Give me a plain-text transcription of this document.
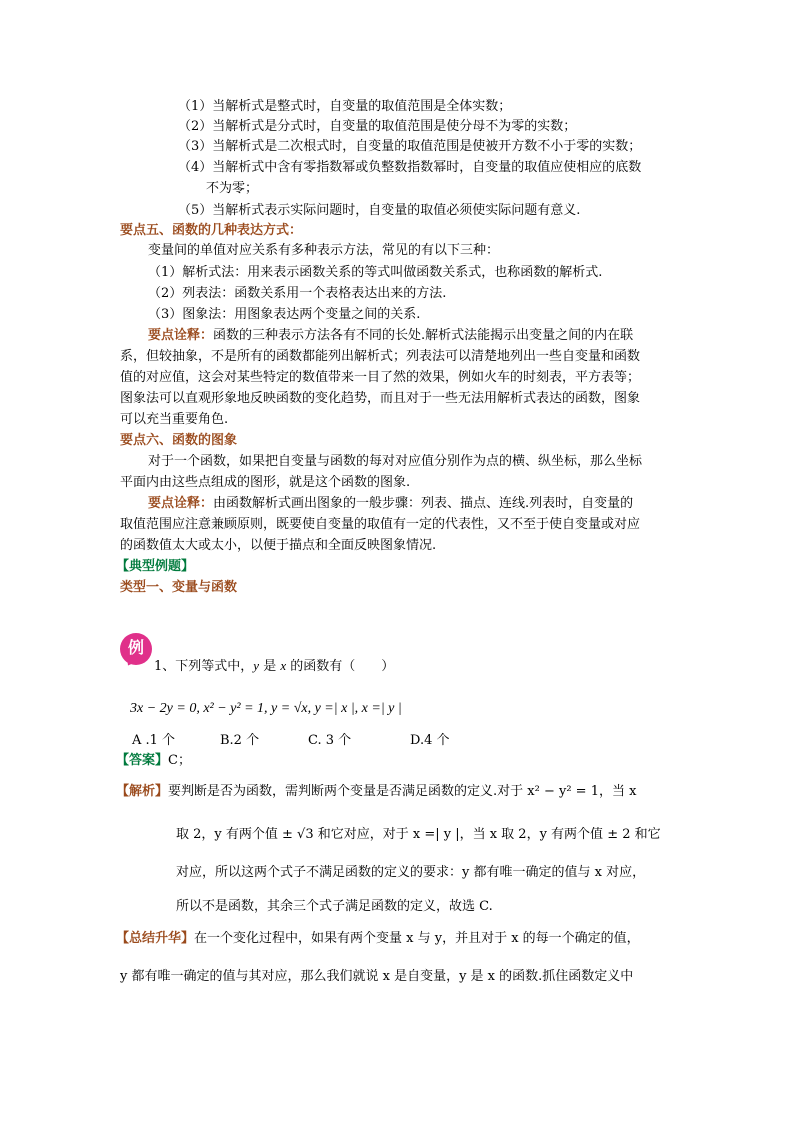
（1）当解析式是整式时，自变量的取值范围是全体实数；
（2）当解析式是分式时，自变量的取值范围是使分母不为零的实数；
（3）当解析式是二次根式时，自变量的取值范围是使被开方数不小于零的实数；
（4）当解析式中含有零指数幂或负整数指数幂时，自变量的取值应使相应的底数
不为零；
（5）当解析式表示实际问题时，自变量的取值必须使实际问题有意义.
要点五、函数的几种表达方式：
变量间的单值对应关系有多种表示方法，常见的有以下三种：
（1）解析式法：用来表示函数关系的等式叫做函数关系式，也称函数的解析式.
（2）列表法：函数关系用一个表格表达出来的方法.
（3）图象法：用图象表达两个变量之间的关系.
要点诠释：函数的三种表示方法各有不同的长处.解析式法能揭示出变量之间的内在联
系，但较抽象，不是所有的函数都能列出解析式；列表法可以清楚地列出一些自变量和函数
值的对应值，这会对某些特定的数值带来一目了然的效果，例如火车的时刻表，平方表等；
图象法可以直观形象地反映函数的变化趋势，而且对于一些无法用解析式表达的函数，图象
可以充当重要角色.
要点六、函数的图象
对于一个函数，如果把自变量与函数的每对对应值分别作为点的横、纵坐标，那么坐标
平面内由这些点组成的图形，就是这个函数的图象.
要点诠释：由函数解析式画出图象的一般步骤：列表、描点、连线.列表时，自变量的
取值范围应注意兼顾原则，既要使自变量的取值有一定的代表性，又不至于使自变量或对应
的函数值太大或太小，以便于描点和全面反映图象情况.
【典型例题】
类型一、变量与函数
例
1、下列等式中，y 是 x 的函数有（　　）
3x − 2y = 0, x² − y² = 1, y = √x, y =| x |, x =| y |
A .1 个	B.2 个	C. 3 个	D.4 个
【答案】C；
【解析】要判断是否为函数，需判断两个变量是否满足函数的定义.对于 x² − y² = 1，当 x
取 2，y 有两个值 ± √3 和它对应，对于 x =| y |，当 x 取 2，y 有两个值 ± 2 和它
对应，所以这两个式子不满足函数的定义的要求：y 都有唯一确定的值与 x 对应，
所以不是函数，其余三个式子满足函数的定义，故选 C.
【总结升华】在一个变化过程中，如果有两个变量 x 与 y，并且对于 x 的每一个确定的值，
y 都有唯一确定的值与其对应，那么我们就说 x 是自变量，y 是 x 的函数.抓住函数定义中
